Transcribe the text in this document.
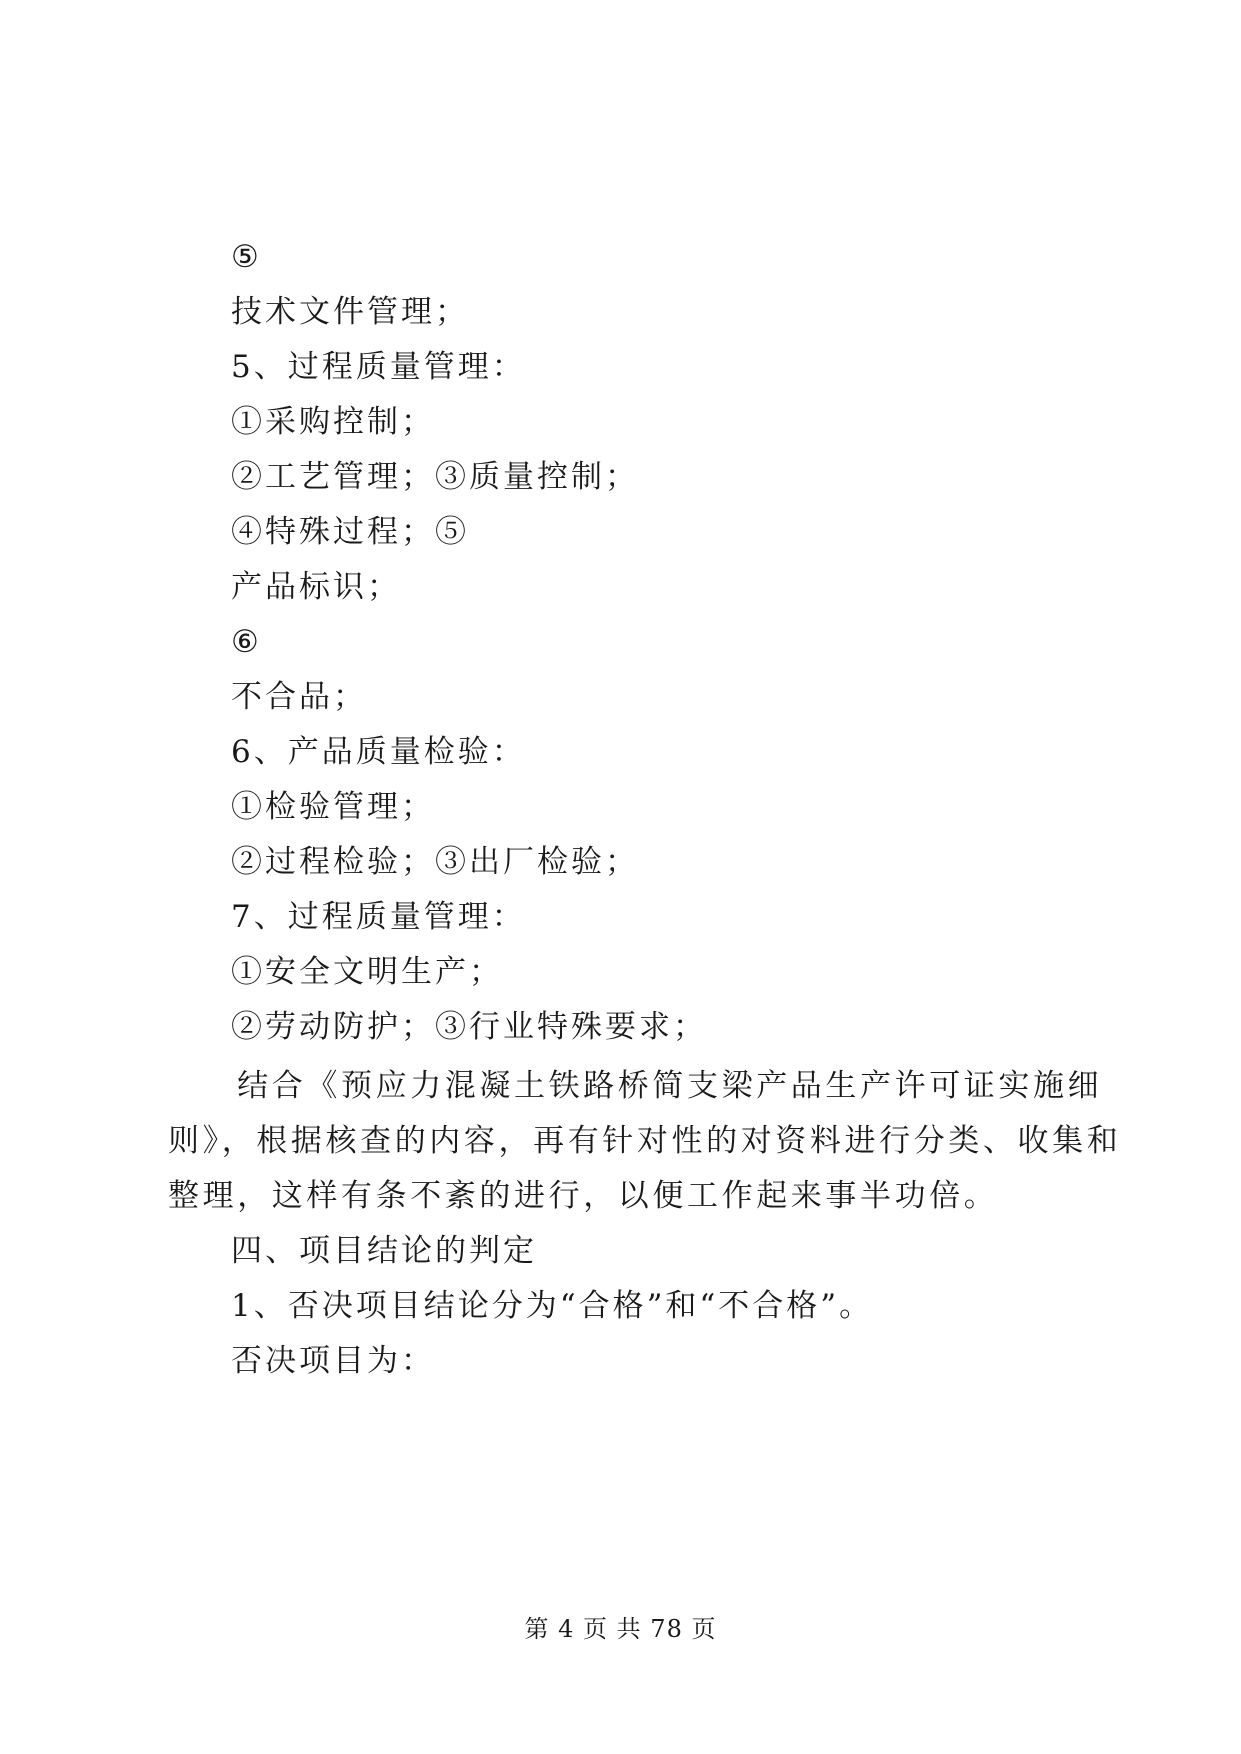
⑤
技术文件管理；
5、过程质量管理：
①采购控制；
②工艺管理；③质量控制；
④特殊过程；⑤
产品标识；
⑥
不合品；
6、产品质量检验：
①检验管理；
②过程检验；③出厂检验；
7、过程质量管理：
①安全文明生产；
②劳动防护；③行业特殊要求；
　　结合《预应力混凝土铁路桥简支梁产品生产许可证实施细
则》，根据核查的内容，再有针对性的对资料进行分类、收集和
整理，这样有条不紊的进行，以便工作起来事半功倍。
四、项目结论的判定
1、否决项目结论分为“合格”和“不合格”。
否决项目为：
第 4 页 共 78 页
